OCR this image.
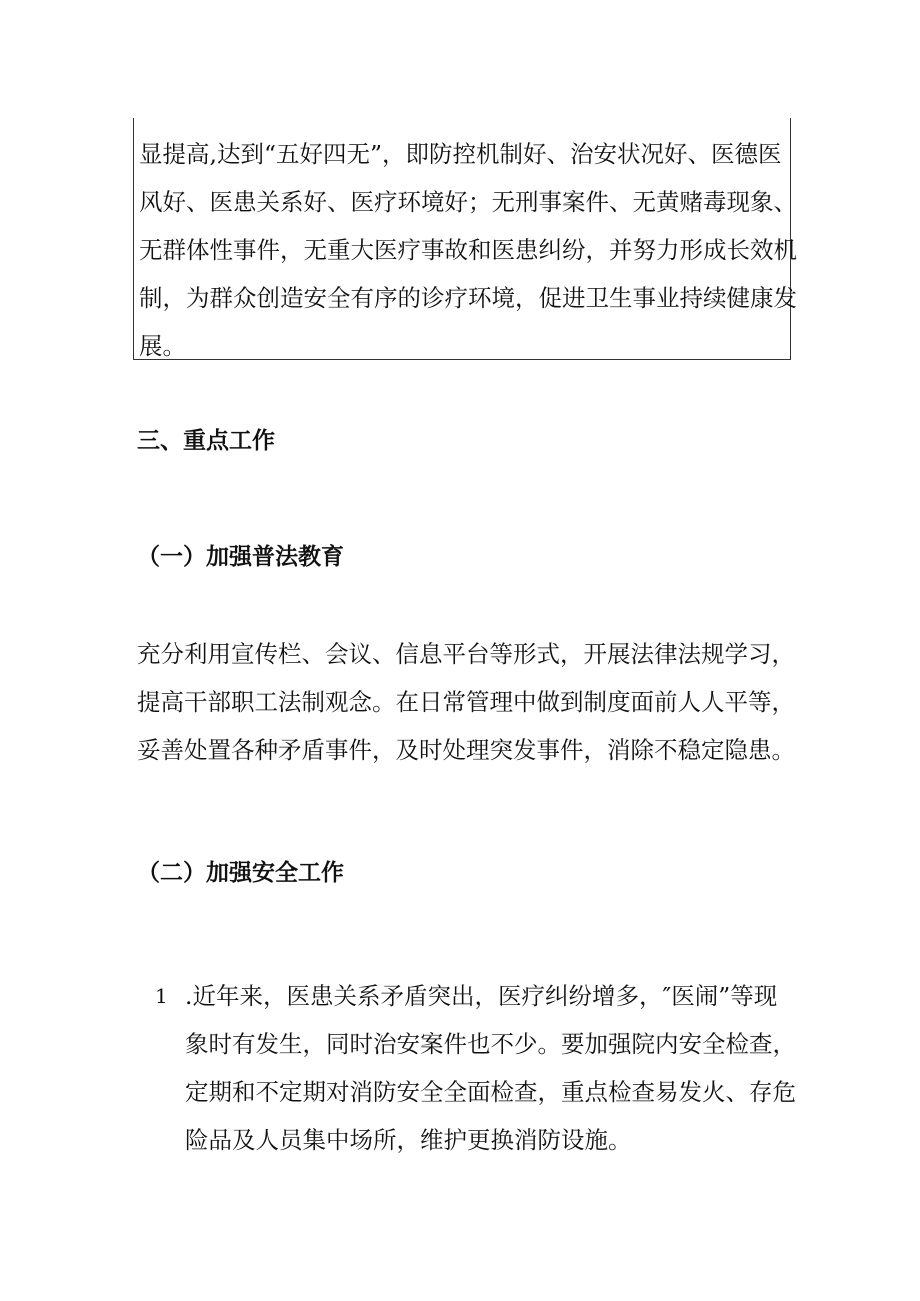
显提高,达到“五好四无”，即防控机制好、治安状况好、医德医
风好、医患关系好、医疗环境好；无刑事案件、无黄赌毒现象、
无群体性事件，无重大医疗事故和医患纠纷，并努力形成长效机
制，为群众创造安全有序的诊疗环境，促进卫生事业持续健康发
展。
三、重点工作
（一）加强普法教育
充分利用宣传栏、会议、信息平台等形式，开展法律法规学习，
提高干部职工法制观念。在日常管理中做到制度面前人人平等，
妥善处置各种矛盾事件，及时处理突发事件，消除不稳定隐患。
（二）加强安全工作
1 .近年来，医患关系矛盾突出，医疗纠纷增多，″医闹”等现
象时有发生，同时治安案件也不少。要加强院内安全检查，
定期和不定期对消防安全全面检查，重点检查易发火、存危
险品及人员集中场所，维护更换消防设施。
